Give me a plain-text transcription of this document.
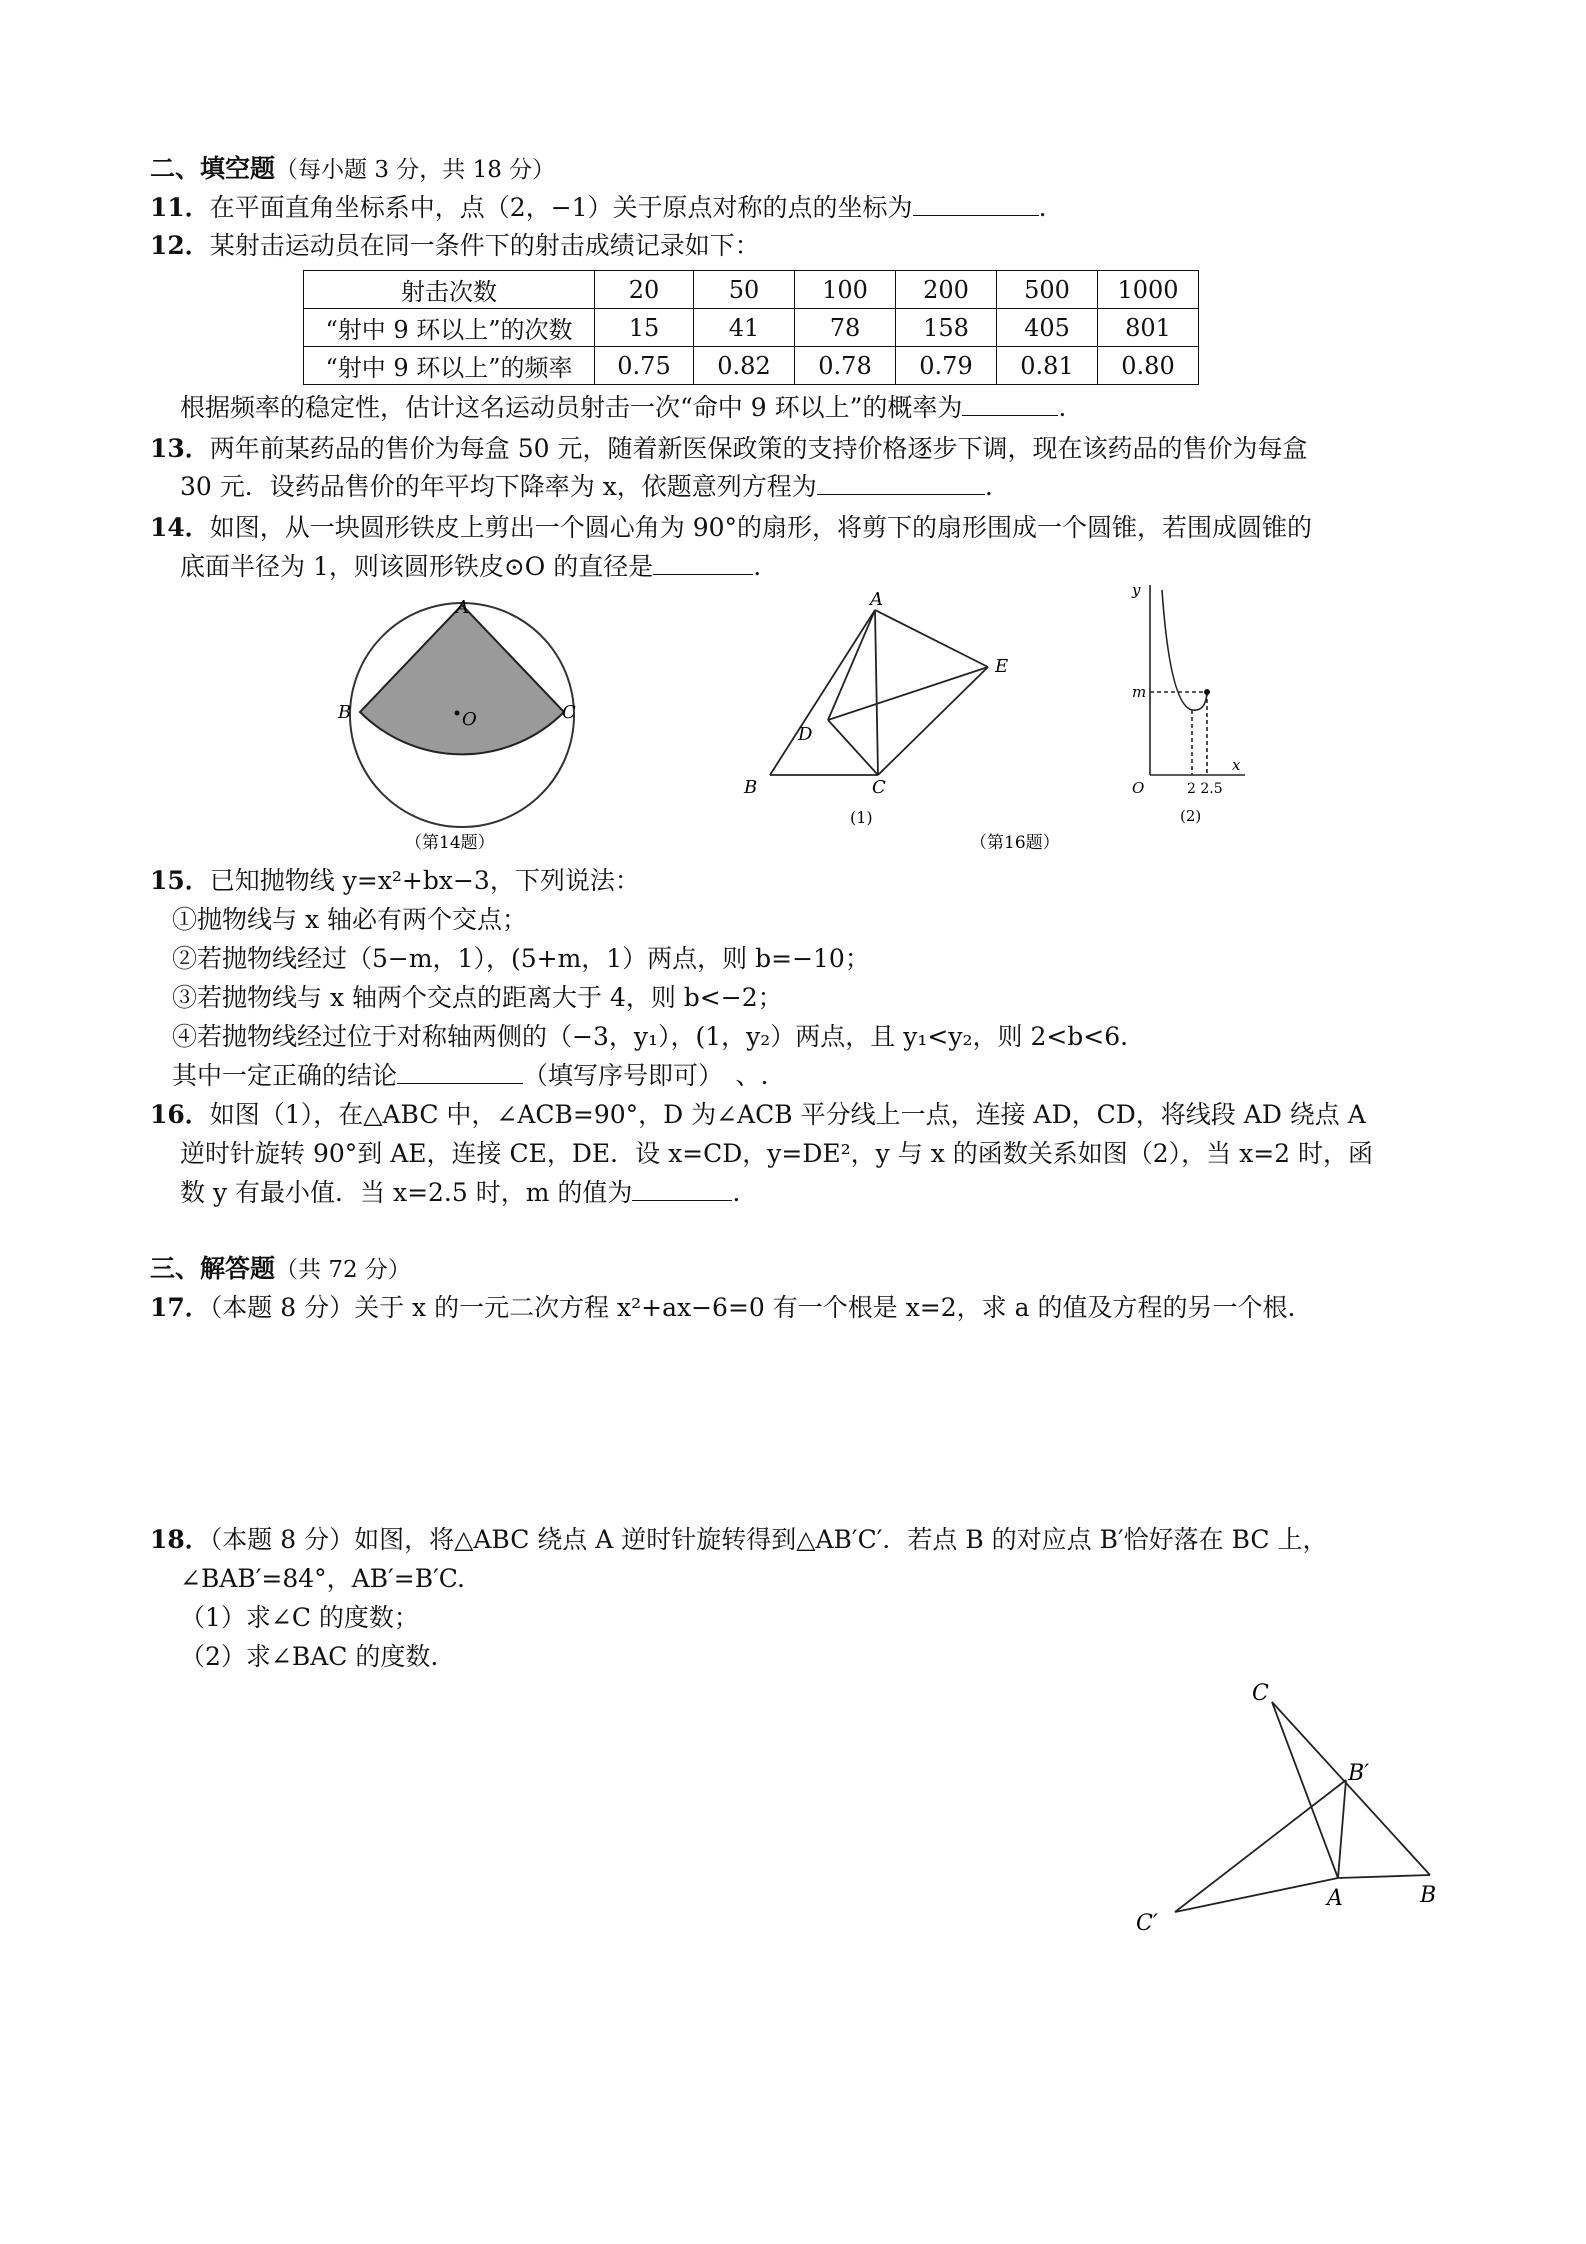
二、填空题（每小题 3 分，共 18 分）
11．在平面直角坐标系中，点（2，−1）关于原点对称的点的坐标为	.
12．某射击运动员在同一条件下的射击成绩记录如下：
射击次数	20	50	100	200	500	1000
“射中 9 环以上”的次数	15	41	78	158	405	801
“射中 9 环以上”的频率	0.75	0.82	0.78	0.79	0.81	0.80
根据频率的稳定性，估计这名运动员射击一次“命中 9 环以上”的概率为	.
13．两年前某药品的售价为每盒 50 元，随着新医保政策的支持价格逐步下调，现在该药品的售价为每盒
30 元．设药品售价的年平均下降率为 x，依题意列方程为	.
14．如图，从一块圆形铁皮上剪出一个圆心角为 90°的扇形，将剪下的扇形围成一个圆锥，若围成圆锥的
底面半径为 1，则该圆形铁皮⊙O 的直径是	.
A
B	C
O
（第14题）
A
E
D
B	C
(1)
（第16题）
y
x
m
O	2 2.5
(2)
15．已知抛物线 y=x²+bx−3，下列说法：
①抛物线与 x 轴必有两个交点；
②若抛物线经过（5−m，1），(5+m，1）两点，则 b=−10；
③若抛物线与 x 轴两个交点的距离大于 4，则 b<−2；
④若抛物线经过位于对称轴两侧的（−3，y₁），(1，y₂）两点，且 y₁<y₂，则 2<b<6.
其中一定正确的结论	（填写序号即可）　、.
16．如图（1），在△ABC 中，∠ACB=90°，D 为∠ACB 平分线上一点，连接 AD，CD，将线段 AD 绕点 A
逆时针旋转 90°到 AE，连接 CE，DE．设 x=CD，y=DE²，y 与 x 的函数关系如图（2），当 x=2 时，函
数 y 有最小值．当 x=2.5 时，m 的值为	.
三、解答题（共 72 分）
17．（本题 8 分）关于 x 的一元二次方程 x²+ax−6=0 有一个根是 x=2，求 a 的值及方程的另一个根.
18．（本题 8 分）如图，将△ABC 绕点 A 逆时针旋转得到△AB′C′．若点 B 的对应点 B′恰好落在 BC 上，
∠BAB′=84°，AB′=B′C.
（1）求∠C 的度数；
（2）求∠BAC 的度数.
C
B′
C′
A	B
